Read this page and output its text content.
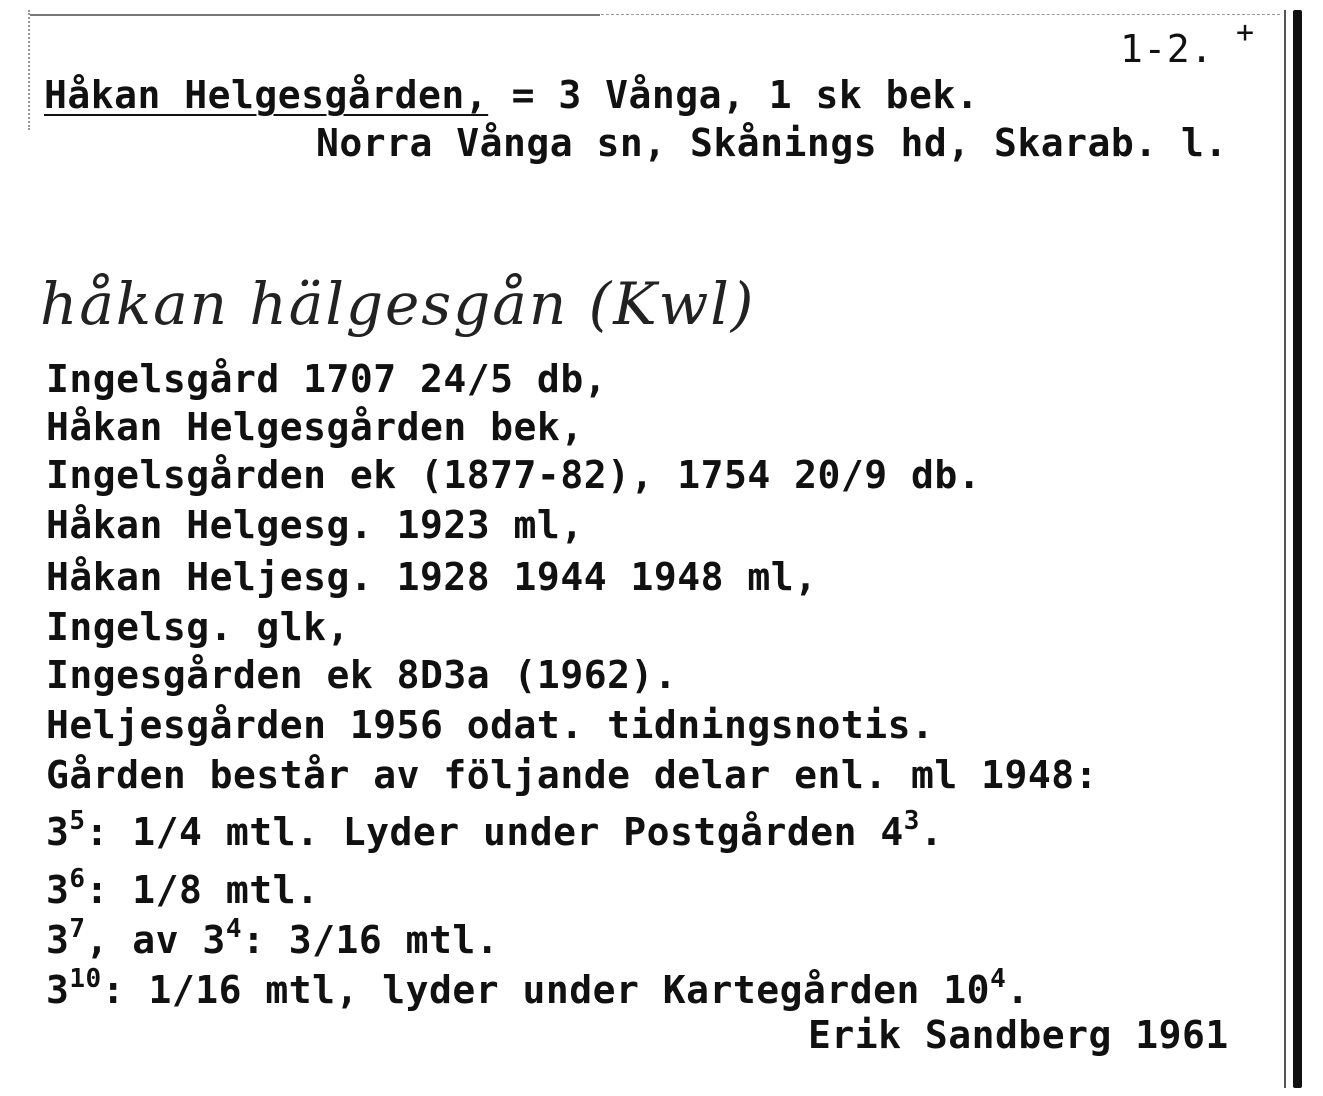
1-2. +
Håkan Helgesgården, = 3 Vånga, 1 sk bek.
Norra Vånga sn, Skånings hd, Skarab. l.
håkan hälgesgån (Kwl)
Ingelsgård 1707 24/5 db,
Håkan Helgesgården bek,
Ingelsgården ek (1877-82), 1754 20/9 db.
Håkan Helgesg. 1923 ml,
Håkan Heljesg. 1928 1944 1948 ml,
Ingelsg. glk,
Ingesgården ek 8D3a (1962).
Heljesgården 1956 odat. tidningsnotis.
Gården består av följande delar enl. ml 1948:
$3^5$: 1/4 mtl. Lyder under Postgården $4^3$.
$3^6$: 1/8 mtl.
$3^7$, av $3^4$: 3/16 mtl.
$3^{10}$: 1/16 mtl, lyder under Kartegården $10^4$.
Erik Sandberg 1961
